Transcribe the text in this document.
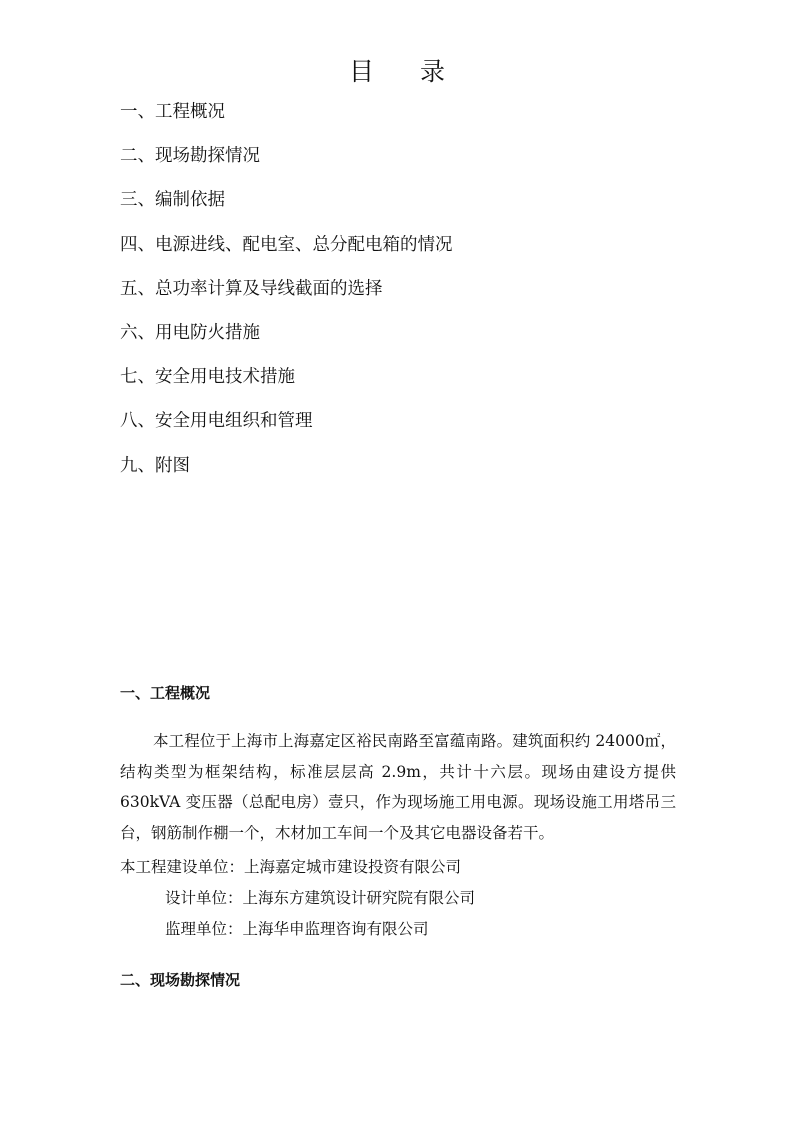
目录
一、工程概况
二、现场勘探情况
三、编制依据
四、电源进线、配电室、总分配电箱的情况
五、总功率计算及导线截面的选择
六、用电防火措施
七、安全用电技术措施
八、安全用电组织和管理
九、附图
一、工程概况

本工程位于上海市上海嘉定区裕民南路至富蕴南路。建筑面积约 24000㎡，结构类型为框架结构，标准层层高 2.9m，共计十六层。现场由建设方提供 630kVA 变压器（总配电房）壹只，作为现场施工用电源。现场设施工用塔吊三台，钢筋制作棚一个，木材加工车间一个及其它电器设备若干。

本工程建设单位：上海嘉定城市建设投资有限公司

设计单位：上海东方建筑设计研究院有限公司

监理单位：上海华申监理咨询有限公司

二、现场勘探情况
